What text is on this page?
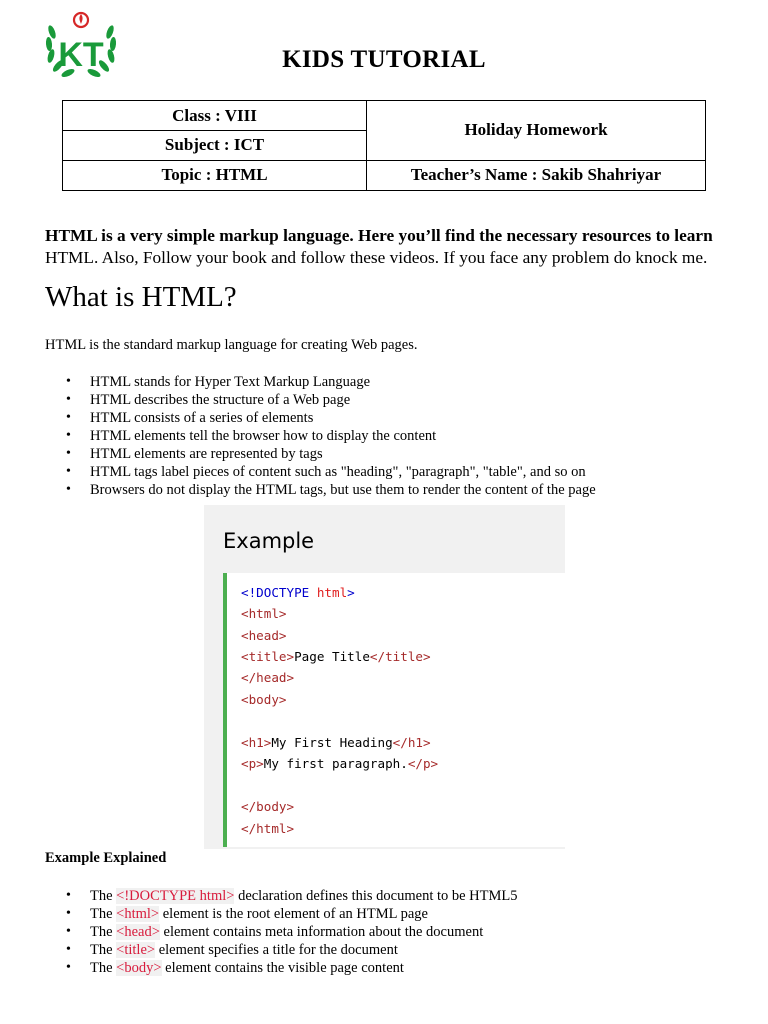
KT	KIDS TUTORIAL
Class : VIII	Holiday Homework
Subject : ICT	
Topic : HTML	Teacher’s Name : Sakib Shahriyar
HTML is a very simple markup language. Here you’ll find the necessary resources to learn
HTML. Also, Follow your book and follow these videos. If you face any problem do knock me.
What is HTML?
HTML is the standard markup language for creating Web pages.
• HTML stands for Hyper Text Markup Language
• HTML describes the structure of a Web page
• HTML consists of a series of elements
• HTML elements tell the browser how to display the content
• HTML elements are represented by tags
• HTML tags label pieces of content such as "heading", "paragraph", "table", and so on
• Browsers do not display the HTML tags, but use them to render the content of the page
Example
<!DOCTYPE html>
<html>
<head>
<title>Page Title</title>
</head>
<body>
<h1>My First Heading</h1>
<p>My first paragraph.</p>
</body>
</html>
Example Explained
• The <!DOCTYPE html> declaration defines this document to be HTML5
• The <html> element is the root element of an HTML page
• The <head> element contains meta information about the document
• The <title> element specifies a title for the document
• The <body> element contains the visible page content
